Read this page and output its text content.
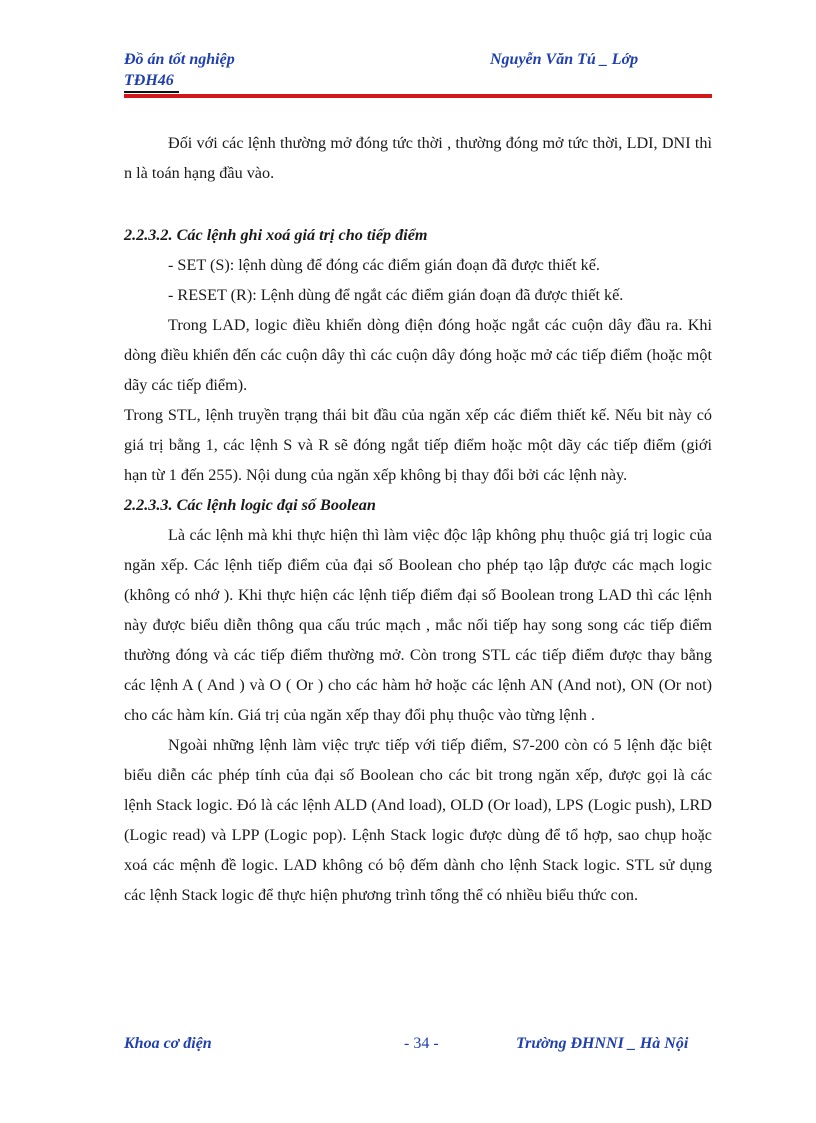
Đồ án tốt nghiệp
TĐH46
Nguyễn Văn Tú _ Lớp

Đối với các lệnh thường mở đóng tức thời , thường đóng mở tức thời, LDI, DNI thì n là toán hạng đầu vào.

2.2.3.2. Các lệnh ghi xoá giá trị cho tiếp điểm

- SET (S): lệnh dùng để đóng các điểm gián đoạn đã được thiết kế.

- RESET (R): Lệnh dùng để ngắt các điểm gián đoạn đã được thiết kế.

Trong LAD, logic điều khiển dòng điện đóng hoặc ngắt các cuộn dây đầu ra. Khi dòng điều khiển đến các cuộn dây thì các cuộn dây đóng hoặc mở các tiếp điểm (hoặc một dãy các tiếp điểm).

Trong STL, lệnh truyền trạng thái bit đầu của ngăn xếp các điểm thiết kế. Nếu bit này có giá trị bằng 1, các lệnh S và R sẽ đóng ngắt tiếp điểm hoặc một dãy các tiếp điểm (giới hạn từ 1 đến 255). Nội dung của ngăn xếp không bị thay đổi bởi các lệnh này.

2.2.3.3. Các lệnh logic đại số Boolean

Là các lệnh mà khi thực hiện thì làm việc độc lập không phụ thuộc giá trị logic của ngăn xếp. Các lệnh tiếp điểm của đại số Boolean cho phép tạo lập được các mạch logic (không có nhớ ). Khi thực hiện các lệnh tiếp điểm đại số Boolean trong LAD thì các lệnh này được biểu diễn thông qua cấu trúc mạch , mắc nối tiếp hay song song các tiếp điểm thường đóng và các tiếp điểm thường mở. Còn trong STL các tiếp điểm được thay bằng các lệnh A ( And ) và O ( Or ) cho các hàm hở hoặc các lệnh AN (And not), ON (Or not) cho các hàm kín. Giá trị của ngăn xếp thay đổi phụ thuộc vào từng lệnh .

Ngoài những lệnh làm việc trực tiếp với tiếp điểm, S7-200 còn có 5 lệnh đặc biệt biểu diễn các phép tính của đại số Boolean cho các bit trong ngăn xếp, được gọi là các lệnh Stack logic. Đó là các lệnh ALD (And load), OLD (Or load), LPS (Logic push), LRD (Logic read) và LPP (Logic pop). Lệnh Stack logic được dùng để tổ hợp, sao chụp hoặc xoá các mệnh đề logic. LAD không có bộ đếm dành cho lệnh Stack logic. STL sử dụng các lệnh Stack logic để thực hiện phương trình tổng thể có nhiều biểu thức con.

Khoa cơ điện	- 34 -	Trường ĐHNNI _ Hà Nội
